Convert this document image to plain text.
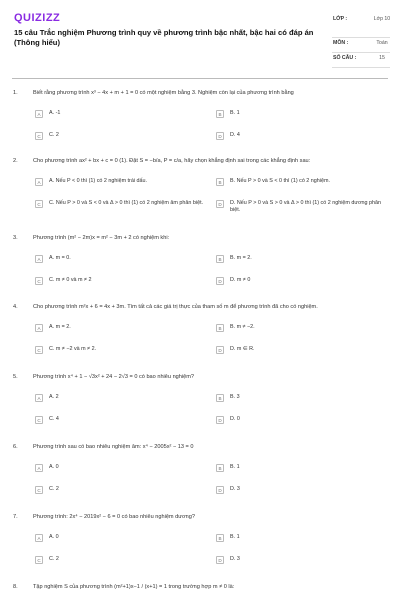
QUIZIZZ
15 câu Trắc nghiệm Phương trình quy về phương trình bậc nhất, bậc hai có đáp án (Thông hiểu)
LỚP :	Lớp 10
MÔN :	Toán
SỐ CÂU :	15
1.	Biết rằng phương trình x³ − 4x + m + 1 = 0 có một nghiệm bằng 3. Nghiệm còn lại của phương trình bằng
A	A. -1	B	B. 1
C	C. 2	D	D. 4
2.	Cho phương trình ax² + bx + c = 0 (1). Đặt S = −b/a, P = c/a, hãy chọn khẳng định sai trong các khẳng định sau:
A	A. Nếu P < 0 thì (1) có 2 nghiệm trái dấu.	B	B. Nếu P > 0 và S < 0 thì (1) có 2 nghiệm.
C	C. Nếu P > 0 và S < 0 và Δ > 0 thì (1) có 2 nghiệm âm phân biệt.	D	D. Nếu P > 0 và S > 0 và Δ > 0 thì (1) có 2 nghiệm dương phân biệt.
3.	Phương trình (m² − 2m)x = m² − 3m + 2 có nghiệm khi:
A	A. m = 0.	B	B. m = 2.
C	C. m ≠ 0 và m ≠ 2	D	D. m ≠ 0
4.	Cho phương trình m²x + 6 = 4x + 3m. Tìm tất cả các giá trị thực của tham số m để phương trình đã cho có nghiệm.
A	A. m = 2.	B	B. m ≠ −2.
C	C. m ≠ −2 và m ≠ 2.	D	D. m ∈ R.
5.	Phương trình x⁴ + 1 − √3x² + 24 − 2√3 = 0 có bao nhiêu nghiệm?
A	A. 2	B	B. 3
C	C. 4	D	D. 0
6.	Phương trình sau có bao nhiêu nghiệm âm: x⁴ − 2005x² − 13 = 0
A	A. 0	B	B. 1
C	C. 2	D	D. 3
7.	Phương trình: 2x⁴ − 2019x² − 6 = 0 có bao nhiêu nghiệm dương?
A	A. 0	B	B. 1
C	C. 2	D	D. 3
8.	Tập nghiệm S của phương trình (m²+1)x−1 / (x+1) = 1 trong trường hợp m ≠ 0 là:
